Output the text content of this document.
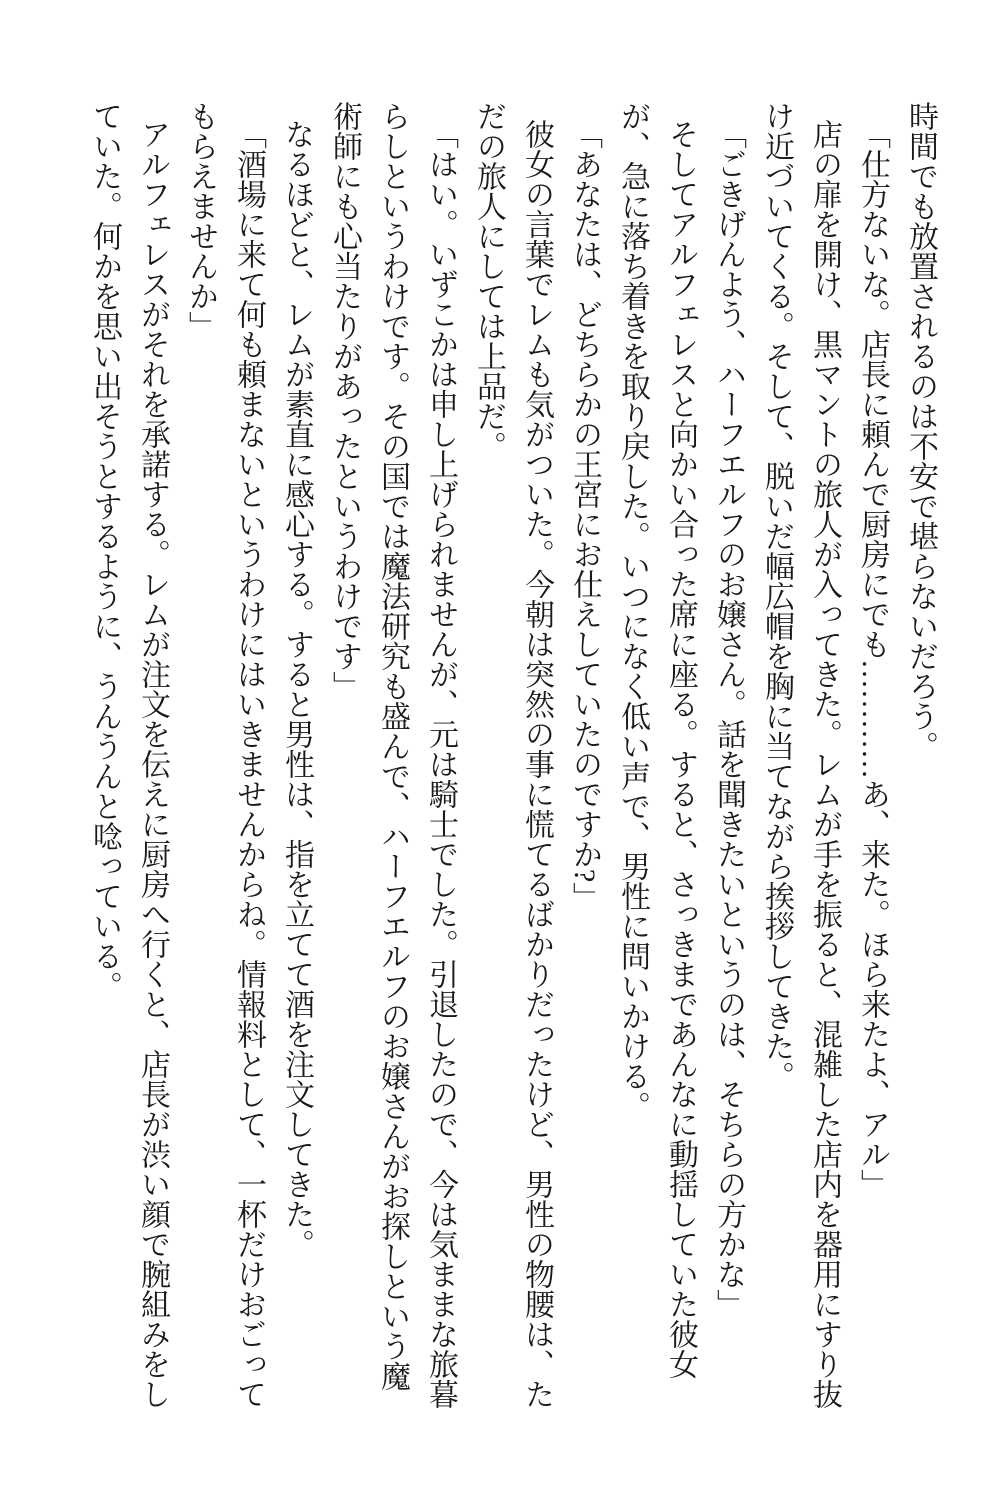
時間でも放置されるのは不安で堪らないだろう。

「仕方ないな。店長に頼んで厨房にでも…………あ、来た。ほら来たよ、アル」

店の扉を開け、黒マントの旅人が入ってきた。レムが手を振ると、混雑した店内を器用にすり抜け近づいてくる。そして、脱いだ幅広帽を胸に当てながら挨拶してきた。

「ごきげんよう、ハーフエルフのお嬢さん。話を聞きたいというのは、そちらの方かな」

そしてアルフェレスと向かい合った席に座る。すると、さっきまであんなに動揺していた彼女が、急に落ち着きを取り戻した。いつになく低い声で、男性に問いかける。

「あなたは、どちらかの王宮にお仕えしていたのですか?」

彼女の言葉でレムも気がついた。今朝は突然の事に慌てるばかりだったけど、男性の物腰は、ただの旅人にしては上品だ。

「はい。いずこかは申し上げられませんが、元は騎士でした。引退したので、今は気ままな旅暮らしというわけです。その国では魔法研究も盛んで、ハーフエルフのお嬢さんがお探しという魔術師にも心当たりがあったというわけです」

なるほどと、レムが素直に感心する。すると男性は、指を立てて酒を注文してきた。

「酒場に来て何も頼まないというわけにはいきませんからね。情報料として、一杯だけおごってもらえませんか」

アルフェレスがそれを承諾する。レムが注文を伝えに厨房へ行くと、店長が渋い顔で腕組みをしていた。何かを思い出そうとするように、うんうんと唸っている。
